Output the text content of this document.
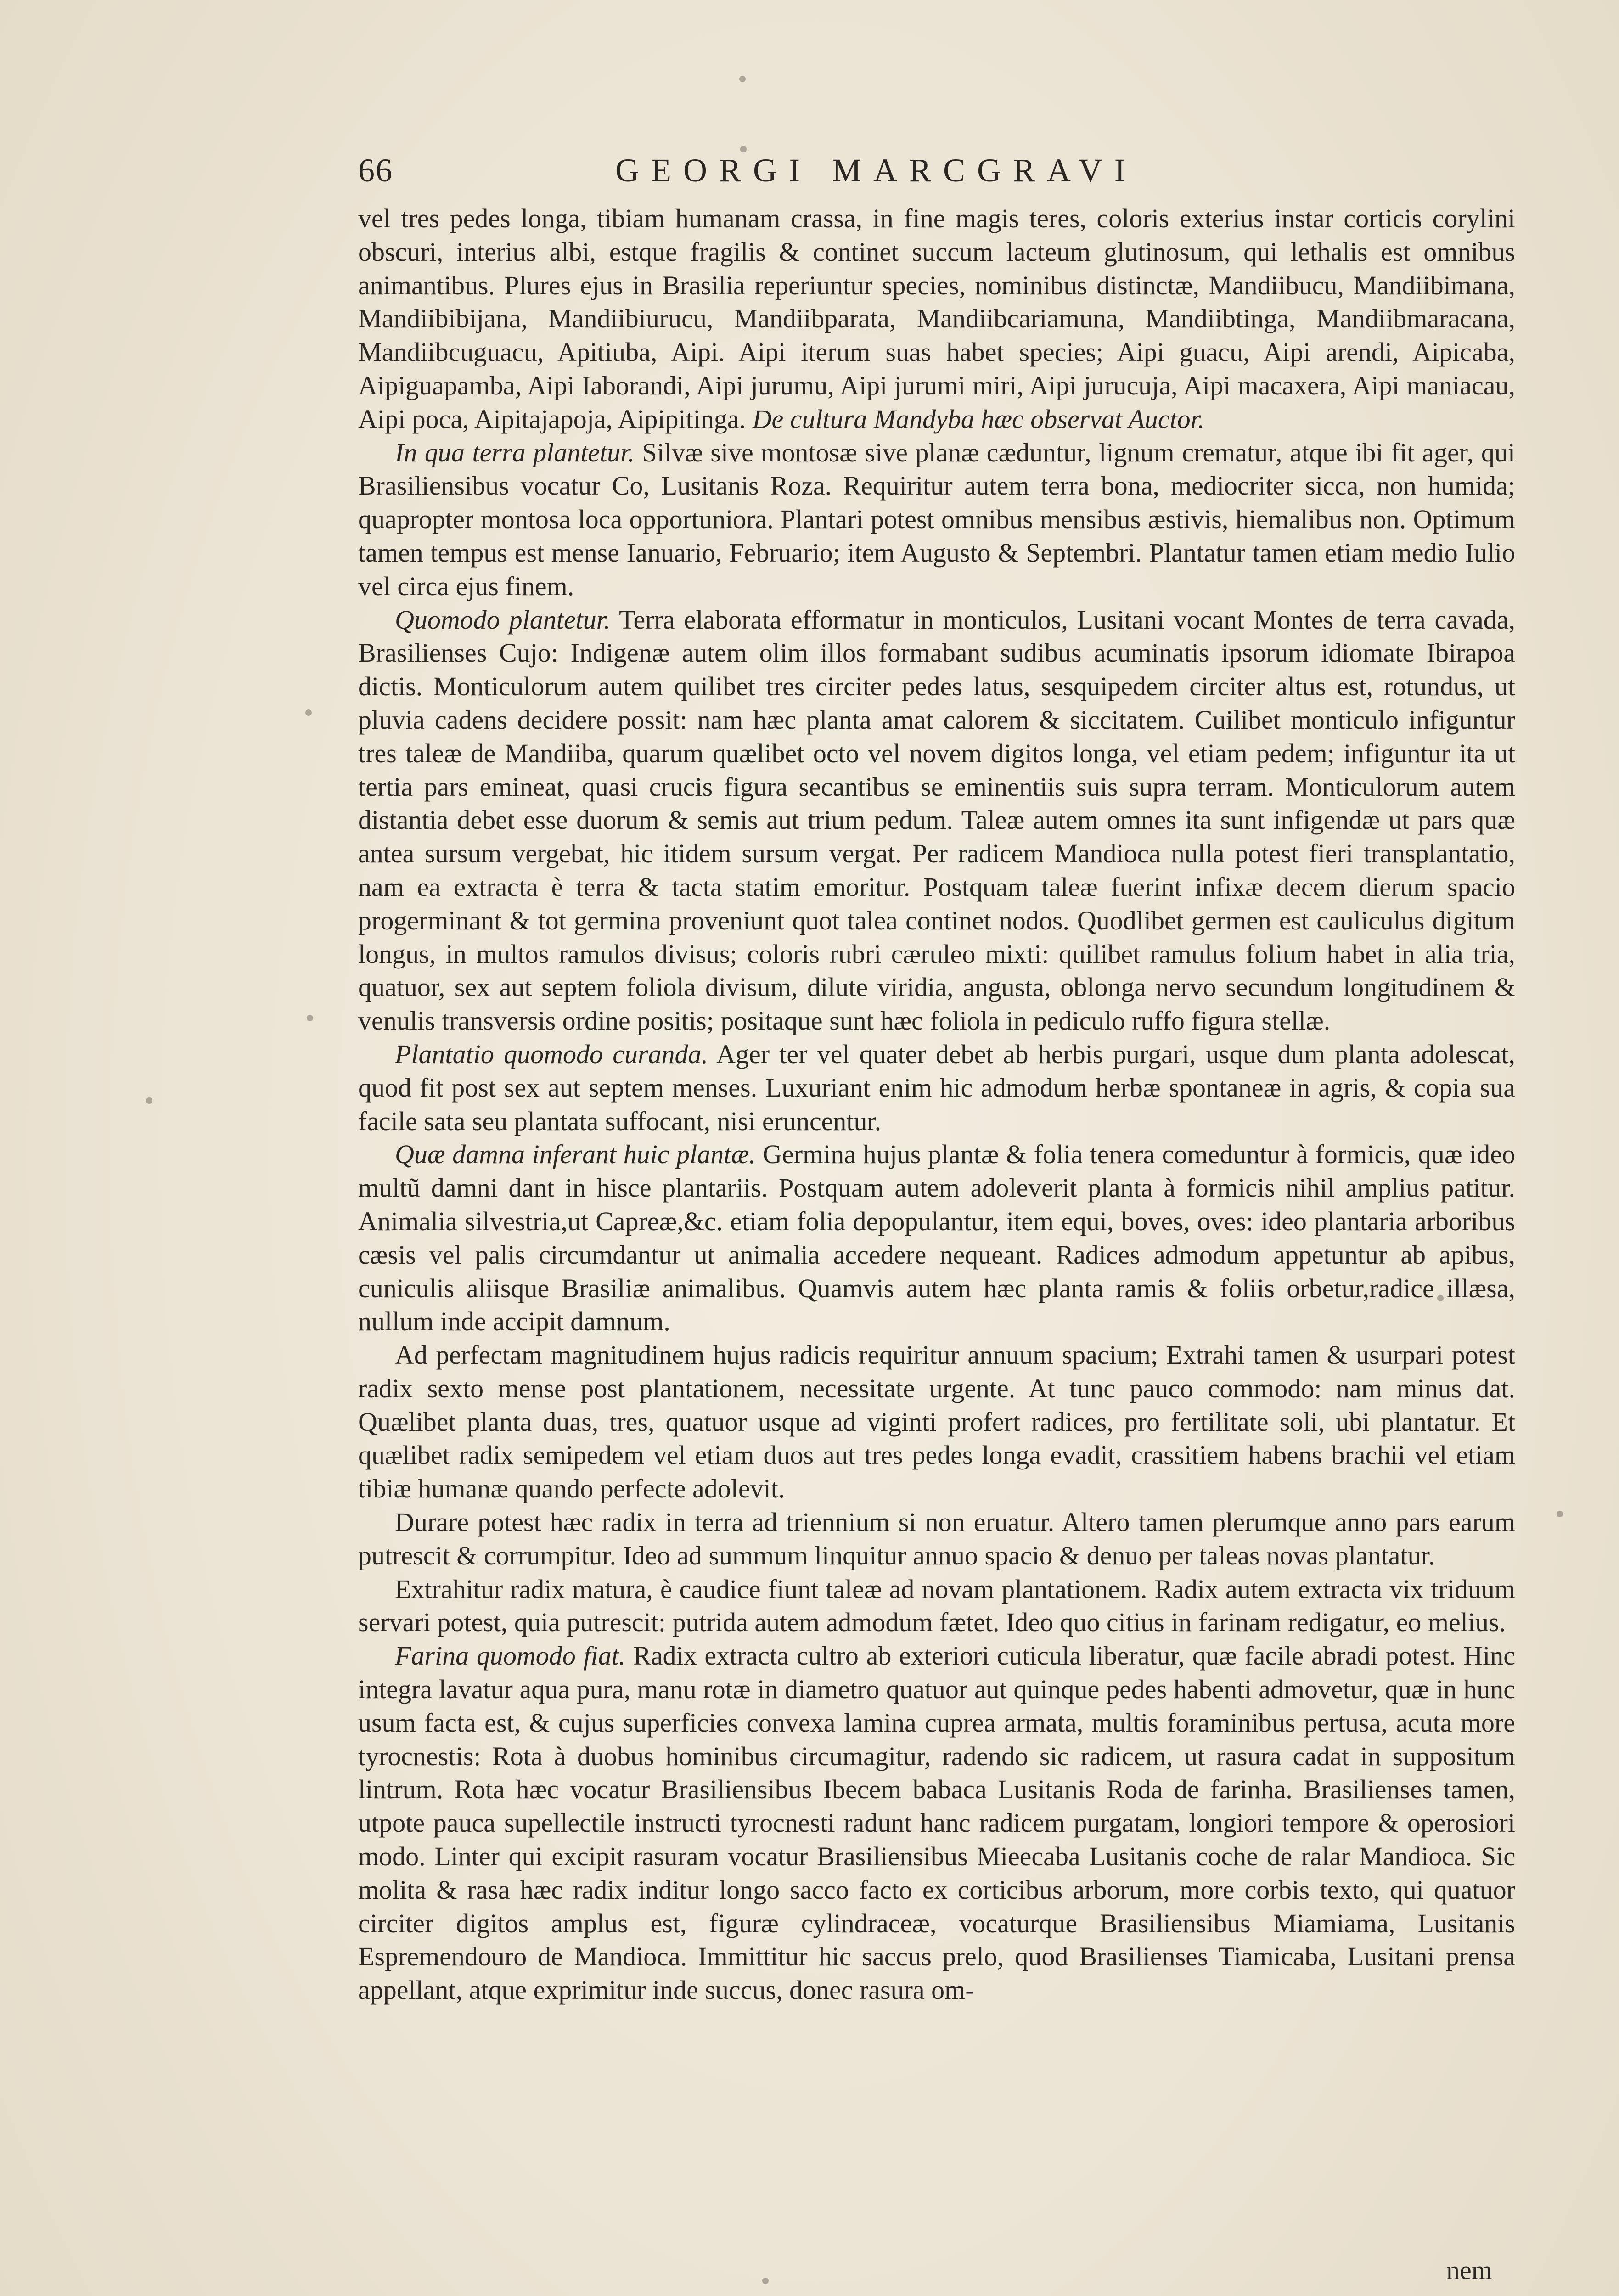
66	GEORGI MARCGRAVI

vel tres pedes longa, tibiam humanam crassa, in fine magis teres, coloris exterius instar corticis corylini obscuri, interius albi, estque fragilis & continet succum lacteum glutinosum, qui lethalis est omnibus animantibus. Plures ejus in Brasilia reperiuntur species, nominibus distinctæ, Mandiibucu, Mandiibimana, Mandiibibijana, Mandiibiurucu, Mandiibparata, Mandiibcariamuna, Mandiibtinga, Mandiibmaracana, Mandiibcuguacu, Apitiuba, Aipi. Aipi iterum suas habet species; Aipi guacu, Aipi arendi, Aipicaba, Aipiguapamba, Aipi Iaborandi, Aipi jurumu, Aipi jurumi miri, Aipi jurucuja, Aipi macaxera, Aipi maniacau, Aipi poca, Aipitajapoja, Aipipitinga. De cultura Mandyba hæc observat Auctor.

In qua terra plantetur. Silvæ sive montosæ sive planæ cæduntur, lignum crematur, atque ibi fit ager, qui Brasiliensibus vocatur Co, Lusitanis Roza. Requiritur autem terra bona, mediocriter sicca, non humida; quapropter montosa loca opportuniora. Plantari potest omnibus mensibus æstivis, hiemalibus non. Optimum tamen tempus est mense Ianuario, Februario; item Augusto & Septembri. Plantatur tamen etiam medio Iulio vel circa ejus finem.

Quomodo plantetur. Terra elaborata efformatur in monticulos, Lusitani vocant Montes de terra cavada, Brasilienses Cujo: Indigenæ autem olim illos formabant sudibus acuminatis ipsorum idiomate Ibirapoa dictis. Monticulorum autem quilibet tres circiter pedes latus, sesquipedem circiter altus est, rotundus, ut pluvia cadens decidere possit: nam hæc planta amat calorem & siccitatem. Cuilibet monticulo infiguntur tres taleæ de Mandiiba, quarum quælibet octo vel novem digitos longa, vel etiam pedem; infiguntur ita ut tertia pars emineat, quasi crucis figura secantibus se eminentiis suis supra terram. Monticulorum autem distantia debet esse duorum & semis aut trium pedum. Taleæ autem omnes ita sunt infigendæ ut pars quæ antea sursum vergebat, hic itidem sursum vergat. Per radicem Mandioca nulla potest fieri transplantatio, nam ea extracta è terra & tacta statim emoritur. Postquam taleæ fuerint infixæ decem dierum spacio progerminant & tot germina proveniunt quot talea continet nodos. Quodlibet germen est cauliculus digitum longus, in multos ramulos divisus; coloris rubri cæruleo mixti: quilibet ramulus folium habet in alia tria, quatuor, sex aut septem foliola divisum, dilute viridia, angusta, oblonga nervo secundum longitudinem & venulis transversis ordine positis; positaque sunt hæc foliola in pediculo ruffo figura stellæ.

Plantatio quomodo curanda. Ager ter vel quater debet ab herbis purgari, usque dum planta adolescat, quod fit post sex aut septem menses. Luxuriant enim hic admodum herbæ spontaneæ in agris, & copia sua facile sata seu plantata suffocant, nisi eruncentur.

Quæ damna inferant huic plantæ. Germina hujus plantæ & folia tenera comeduntur à formicis, quæ ideo multũ damni dant in hisce plantariis. Postquam autem adoleverit planta à formicis nihil amplius patitur. Animalia silvestria,ut Capreæ,&c. etiam folia depopulantur, item equi, boves, oves: ideo plantaria arboribus cæsis vel palis circumdantur ut animalia accedere nequeant. Radices admodum appetuntur ab apibus, cuniculis aliisque Brasiliæ animalibus. Quamvis autem hæc planta ramis & foliis orbetur,radice illæsa, nullum inde accipit damnum.

Ad perfectam magnitudinem hujus radicis requiritur annuum spacium; Extrahi tamen & usurpari potest radix sexto mense post plantationem, necessitate urgente. At tunc pauco commodo: nam minus dat. Quælibet planta duas, tres, quatuor usque ad viginti profert radices, pro fertilitate soli, ubi plantatur. Et quælibet radix semipedem vel etiam duos aut tres pedes longa evadit, crassitiem habens brachii vel etiam tibiæ humanæ quando perfecte adolevit.

Durare potest hæc radix in terra ad triennium si non eruatur. Altero tamen plerumque anno pars earum putrescit & corrumpitur. Ideo ad summum linquitur annuo spacio & denuo per taleas novas plantatur.

Extrahitur radix matura, è caudice fiunt taleæ ad novam plantationem. Radix autem extracta vix triduum servari potest, quia putrescit: putrida autem admodum fætet. Ideo quo citius in farinam redigatur, eo melius.

Farina quomodo fiat. Radix extracta cultro ab exteriori cuticula liberatur, quæ facile abradi potest. Hinc integra lavatur aqua pura, manu rotæ in diametro quatuor aut quinque pedes habenti admovetur, quæ in hunc usum facta est, & cujus superficies convexa lamina cuprea armata, multis foraminibus pertusa, acuta more tyrocnestis: Rota à duobus hominibus circumagitur, radendo sic radicem, ut rasura cadat in suppositum lintrum. Rota hæc vocatur Brasiliensibus Ibecem babaca Lusitanis Roda de farinha. Brasilienses tamen, utpote pauca supellectile instructi tyrocnesti radunt hanc radicem purgatam, longiori tempore & operosiori modo. Linter qui excipit rasuram vocatur Brasiliensibus Mieecaba Lusitanis coche de ralar Mandioca. Sic molita & rasa hæc radix inditur longo sacco facto ex corticibus arborum, more corbis texto, qui quatuor circiter digitos amplus est, figuræ cylindraceæ, vocaturque Brasiliensibus Miamiama, Lusitanis Espremendouro de Mandioca. Immittitur hic saccus prelo, quod Brasilienses Tiamicaba, Lusitani prensa appellant, atque exprimitur inde succus, donec rasura om-

nem
